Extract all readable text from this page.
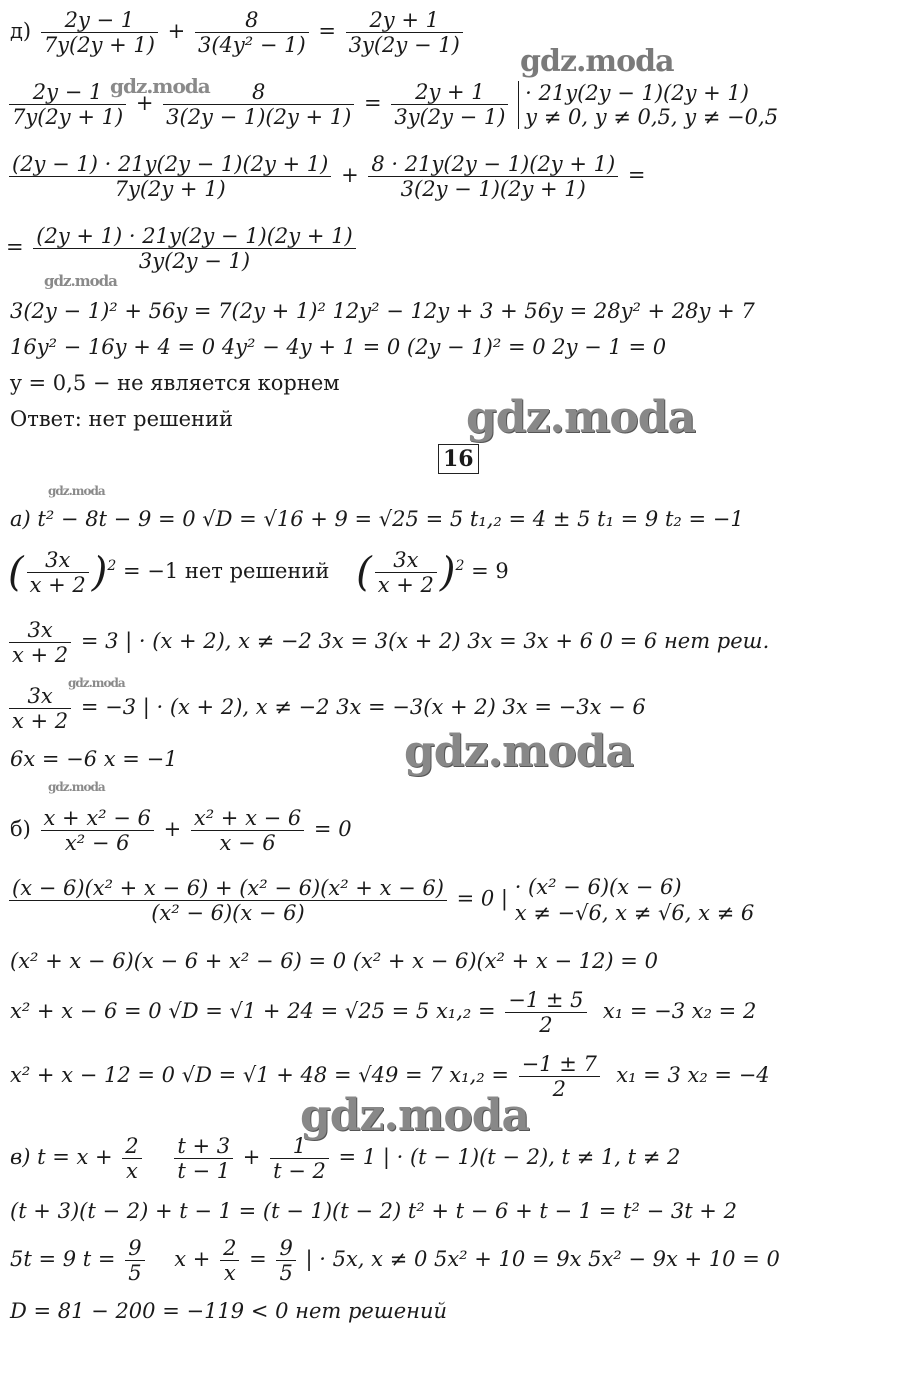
$д) \frac{2y - 1}{7y(2y + 1)} + \frac{8}{\text{3(4y² − 1)}} = \frac{2y + 1}{3y(2y - 1)}$
$\frac{2y - 1}{7y(2y + 1)} + \frac{8}{3(2y - 1)(2y + 1)} = \frac{2y + 1}{3y(2y - 1)}$
· 21y(2y − 1)(2y + 1)
y ≠ 0, y ≠ 0,5, y ≠ −0,5
$\frac{(2y - 1) \cdot 21y(2y - 1)(2y + 1)}{7y(2y + 1)} + \frac{8 \cdot 21y(2y - 1)(2y + 1)}{3(2y - 1)(2y + 1)}$ =
= $\frac{(2y + 1) \cdot 21y(2y - 1)(2y + 1)}{3y(2y - 1)}$
3(2y − 1)² + 56y = 7(2y + 1)² 12y² − 12y + 3 + 56y = 28y² + 28y + 7
16y² − 16y + 4 = 0 4y² − 4y + 1 = 0 (2y − 1)² = 0 2y − 1 = 0
y = 0,5 − не является корнем
Ответ: нет решений
16
а) t² − 8t − 9 = 0 √D = √16 + 9 = √25 = 5 t₁,₂ = 4 ± 5 t₁ = 9 t₂ = −1
( $\frac{3x}{x + 2} )^2 = -1$ нет решений ( $\frac{3x}{x + 2} )^2 = 9$
$\frac{3x}{x + 2} = 3$ | · (x + 2), x ≠ −2 3x = 3(x + 2) 3x = 3x + 6 0 = 6 нет реш.
$\frac{3x}{x + 2} = -3$ | · (x + 2), x ≠ −2 3x = −3(x + 2) 3x = −3x − 6
6x = −6 x = −1
$б) \frac{\text{x + x² − 6}}{\text{x² − 6}} + \frac{\text{x² + x − 6}}{x - 6} = 0$
$\frac{\text{(x − 6)(x² + x − 6) + (x² − 6)(x² + x − 6)}}{\text{(x² − 6)(x − 6)}} = 0$ | · (x² − 6)(x − 6)
x ≠ −√6, x ≠ √6, x ≠ 6
(x² + x − 6)(x − 6 + x² − 6) = 0 (x² + x − 6)(x² + x − 12) = 0
x² + x − 6 = 0 √D = √1 + 24 = √25 = 5 $x_1,_2 = \frac{-1 \pm 5}{2} x_1 = -3$ x₂ = 2
x² + x − 12 = 0 √D = √1 + 48 = √49 = 7 $x_1,_2 = \frac{-1 \pm 7}{2} x_1 = 3$ x₂ = −4
в) $t = x + \frac{2}{x}$
$\frac{t + 3}{t - 1} + \frac{1}{t - 2} = 1$ | · (t − 1)(t − 2), t ≠ 1, t ≠ 2
(t + 3)(t − 2) + t − 1 = (t − 1)(t − 2) t² + t − 6 + t − 1 = t² − 3t + 2
5t = 9 $t = \frac{9}{5}$ $x + \frac{2}{x} = \frac{9}{5}$ | · 5x, x ≠ 0 5x² + 10 = 9x 5x² − 9x + 10 = 0
D = 81 − 200 = −119 < 0 нет решений
gdz.moda
gdz.moda
gdz.moda
gdz.moda
gdz.moda
gdz.moda
gdz.moda
gdz.moda
gdz.moda
